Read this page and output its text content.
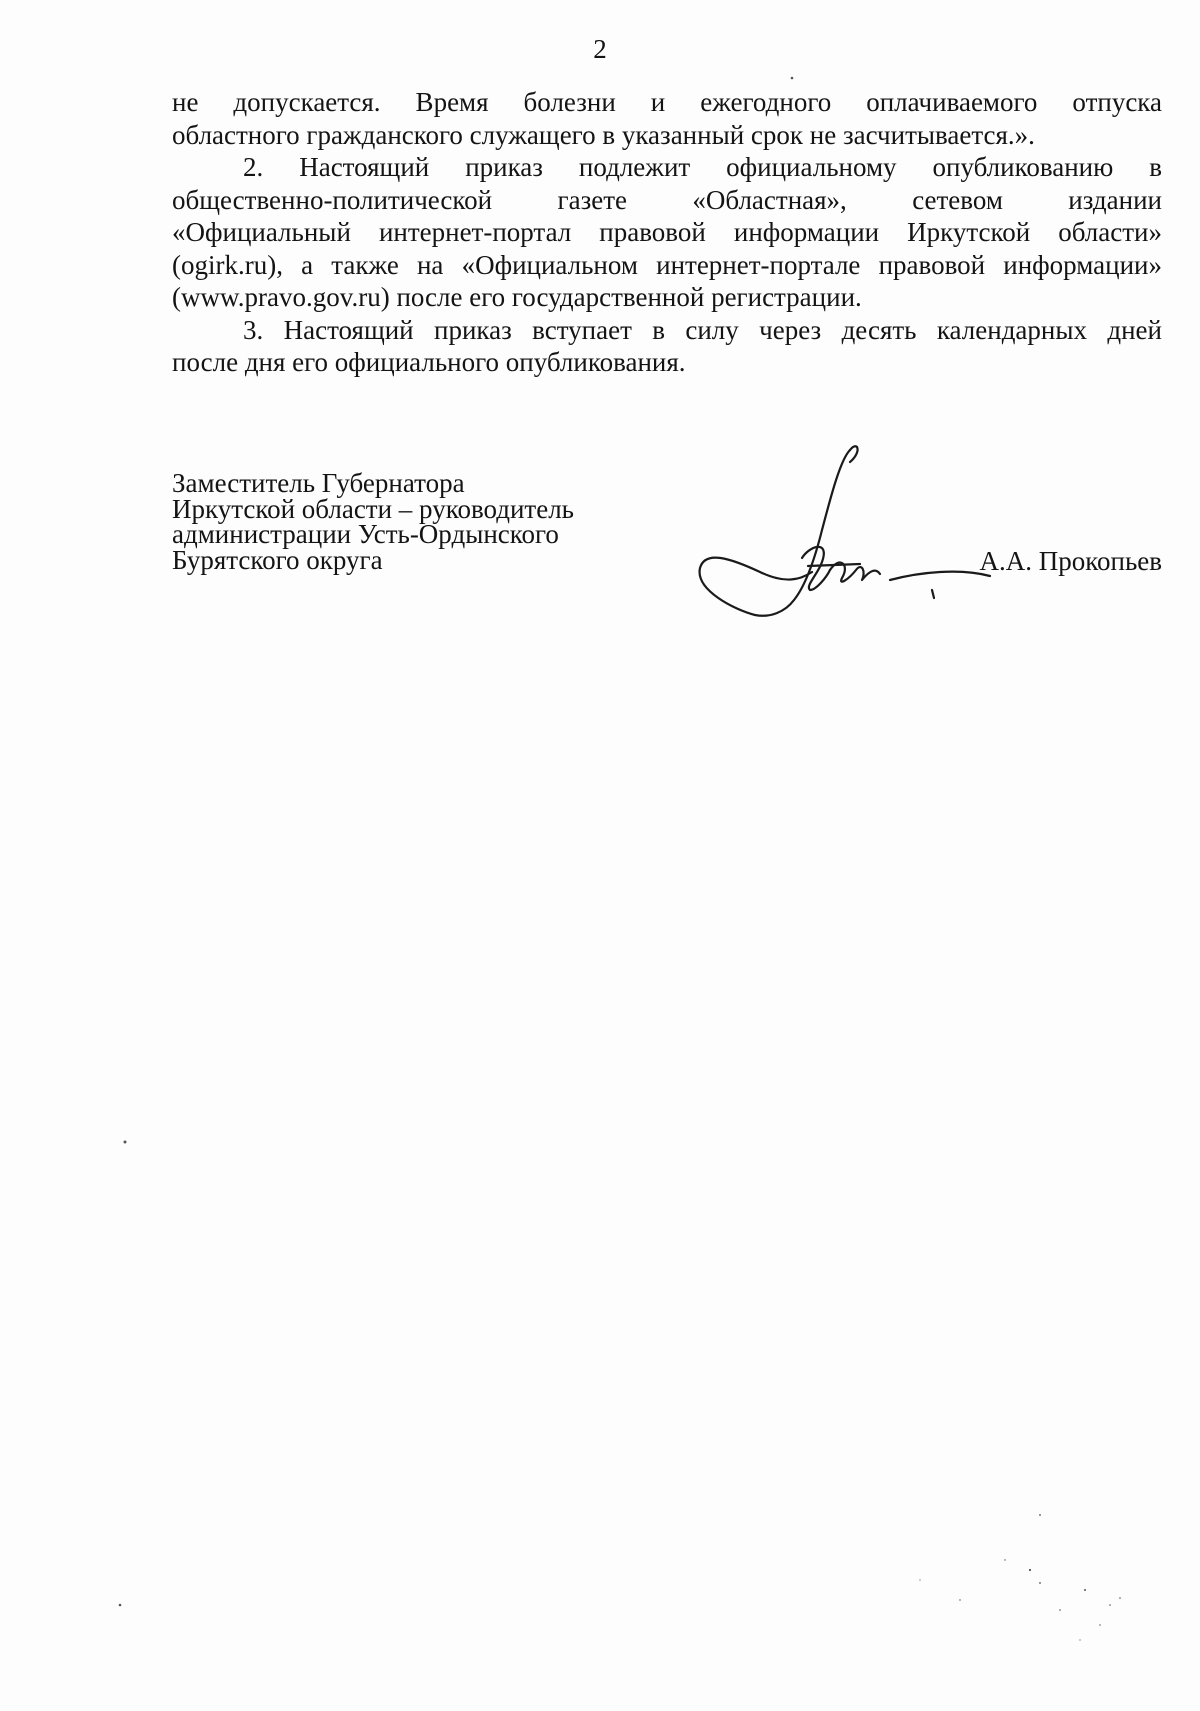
2

не допускается. Время болезни и ежегодного оплачиваемого отпуска
областного гражданского служащего в указанный срок не засчитывается.».

2. Настоящий приказ подлежит официальному опубликованию в
общественно-политической газете «Областная», сетевом издании
«Официальный интернет-портал правовой информации Иркутской области»
(ogirk.ru), а также на «Официальном интернет-портале правовой информации»
(www.pravo.gov.ru) после его государственной регистрации.

3. Настоящий приказ вступает в силу через десять календарных дней
после дня его официального опубликования.

Заместитель Губернатора
Иркутской области – руководитель
администрации Усть-Ордынского
Бурятского округа	А.А. Прокопьев
